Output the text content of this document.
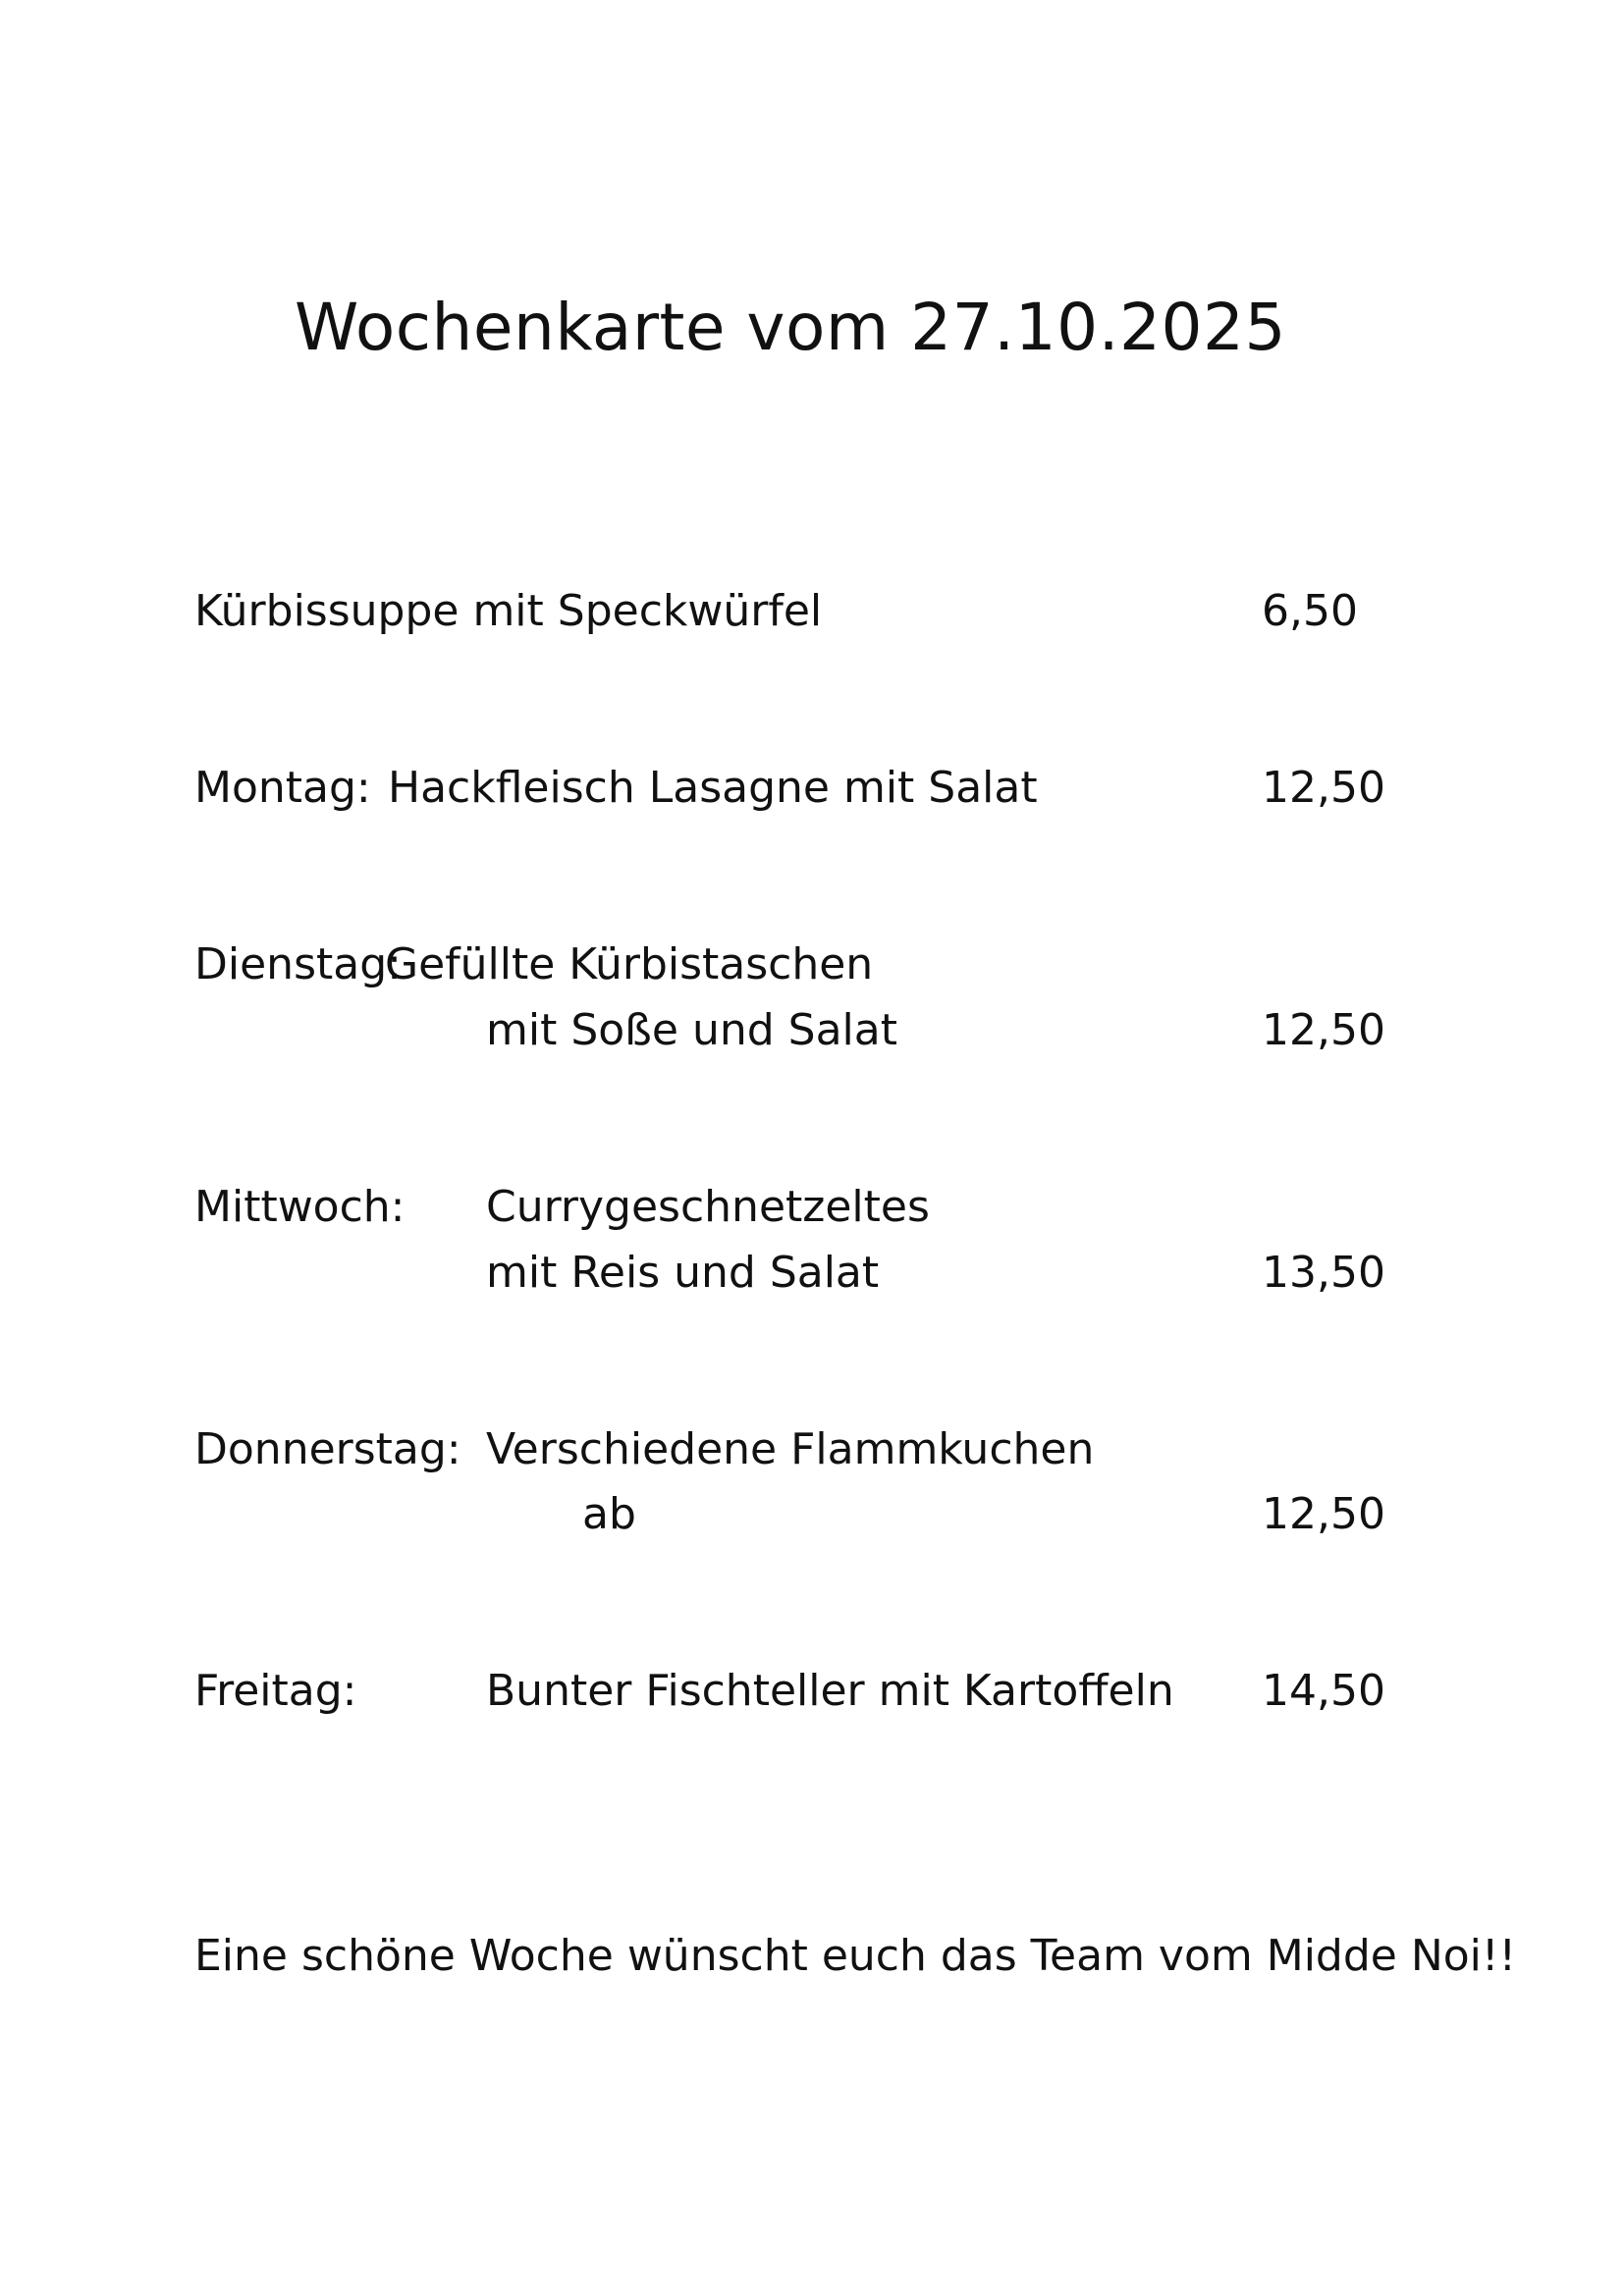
Wochenkarte vom 27.10.2025
Kürbissuppe mit Speckwürfel	6,50
Montag: Hackfleisch Lasagne mit Salat	12,50
Dienstag:
Gefüllte Kürbistaschen
mit Soße und Salat	12,50
Mittwoch: Currygeschnetzeltes
mit Reis und Salat	13,50
Donnerstag: Verschiedene Flammkuchen
ab	12,50
Freitag:	Bunter Fischteller mit Kartoffeln 14,50
Eine schöne Woche wünscht euch das Team vom Midde Noi!!
